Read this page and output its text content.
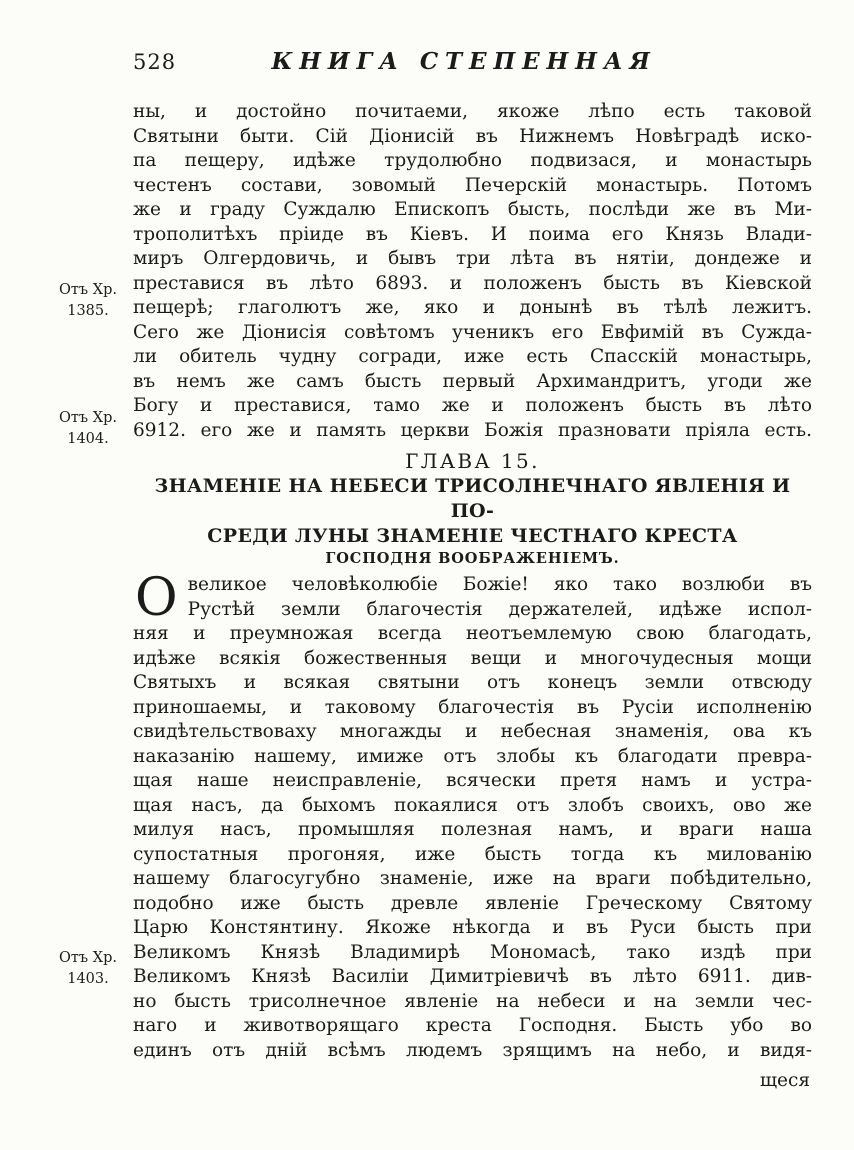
528	КНИГА СТЕПЕННАЯ
Отъ Хр.
1385.
Отъ Хр.
1404.
Отъ Хр.
1403.
ны, и достойно почитаеми, якоже лѣпо есть таковой
Святыни быти. Сій Діонисій въ Нижнемъ Новѣградѣ иско-
па пещеру, идѣже трудолюбно подвизася, и монастырь
честенъ состави, зовомый Печерскій монастырь. Потомъ
же и граду Суждалю Епископъ бысть, послѣди же въ Ми-
трополитѣхъ пріиде въ Кіевъ. И поима его Князь Влади-
миръ Олгердовичь, и бывъ три лѣта въ нятіи, дондеже и
преставися въ лѣто 6893. и положенъ бысть въ Кіевской
пещерѣ; глаголютъ же, яко и донынѣ въ тѣлѣ лежитъ.
Сего же Діонисія совѣтомъ ученикъ его Евфимій въ Сужда-
ли обитель чудну согради, иже есть Спасскій монастырь,
въ немъ же самъ бысть первый Архимандритъ, угоди же
Богу и преставися, тамо же и положенъ бысть въ лѣто
6912. его же и память церкви Божія празновати пріяла есть.
ГЛАВА 15.
ЗНАМЕНІЕ НА НЕБЕСИ ТРИСОЛНЕЧНАГО ЯВЛЕНІЯ И ПО-
СРЕДИ ЛУНЫ ЗНАМЕНІЕ ЧЕСТНАГО КРЕСТА
ГОСПОДНЯ ВООБРАЖЕНІЕМЪ.
О великое человѣколюбіе Божіе! яко тако возлюби въ
Рустѣй земли благочестія держателей, идѣже испол-
няя и преумножая всегда неотъемлемую свою благодать,
идѣже всякія божественныя вещи и многочудесныя мощи
Святыхъ и всякая святыни отъ конецъ земли отвсюду
приношаемы, и таковому благочестія въ Русіи исполненію
свидѣтельствоваху многажды и небесная знаменія, ова къ
наказанію нашему, имиже отъ злобы къ благодати превра-
щая наше неисправленіе, всячески претя намъ и устра-
щая насъ, да быхомъ покаялися отъ злобъ своихъ, ово же
милуя насъ, промышляя полезная намъ, и враги наша
супостатныя прогоняя, иже бысть тогда къ милованію
нашему благосугубно знаменіе, иже на враги побѣдительно,
подобно иже бысть древле явленіе Греческому Святому
Царю Констянтину. Якоже нѣкогда и въ Руси бысть при
Великомъ Князѣ Владимирѣ Мономасѣ, тако издѣ при
Великомъ Князѣ Василіи Димитріевичѣ въ лѣто 6911. див-
но бысть трисолнечное явленіе на небеси и на земли чес-
наго и животворящаго креста Господня. Бысть убо во
единъ отъ дній всѣмъ людемъ зрящимъ на небо, и видя-
щеся
